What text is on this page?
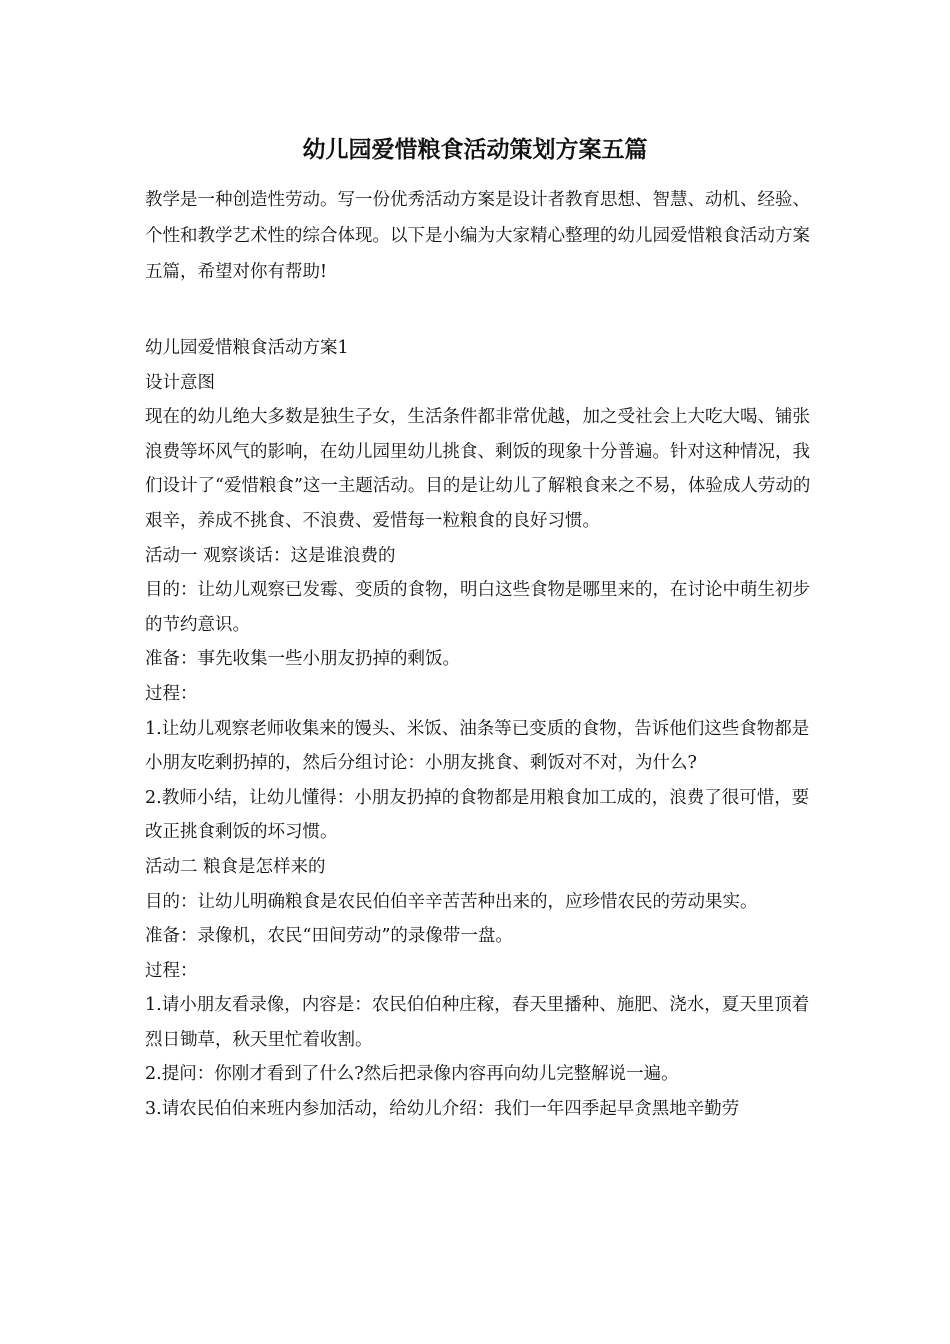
幼儿园爱惜粮食活动策划方案五篇

教学是一种创造性劳动。写一份优秀活动方案是设计者教育思想、智慧、动机、经验、个性和教学艺术性的综合体现。以下是小编为大家精心整理的幼儿园爱惜粮食活动方案五篇，希望对你有帮助!

幼儿园爱惜粮食活动方案1

设计意图

现在的幼儿绝大多数是独生子女，生活条件都非常优越，加之受社会上大吃大喝、铺张浪费等坏风气的影响，在幼儿园里幼儿挑食、剩饭的现象十分普遍。针对这种情况，我们设计了“爱惜粮食”这一主题活动。目的是让幼儿了解粮食来之不易，体验成人劳动的艰辛，养成不挑食、不浪费、爱惜每一粒粮食的良好习惯。

活动一 观察谈话：这是谁浪费的

目的：让幼儿观察已发霉、变质的食物，明白这些食物是哪里来的，在讨论中萌生初步的节约意识。

准备：事先收集一些小朋友扔掉的剩饭。

过程：

1.让幼儿观察老师收集来的馒头、米饭、油条等已变质的食物，告诉他们这些食物都是小朋友吃剩扔掉的，然后分组讨论：小朋友挑食、剩饭对不对，为什么?

2.教师小结，让幼儿懂得：小朋友扔掉的食物都是用粮食加工成的，浪费了很可惜，要改正挑食剩饭的坏习惯。

活动二 粮食是怎样来的

目的：让幼儿明确粮食是农民伯伯辛辛苦苦种出来的，应珍惜农民的劳动果实。

准备：录像机，农民“田间劳动”的录像带一盘。

过程：

1.请小朋友看录像，内容是：农民伯伯种庄稼，春天里播种、施肥、浇水，夏天里顶着烈日锄草，秋天里忙着收割。

2.提问：你刚才看到了什么?然后把录像内容再向幼儿完整解说一遍。

3.请农民伯伯来班内参加活动，给幼儿介绍：我们一年四季起早贪黑地辛勤劳
